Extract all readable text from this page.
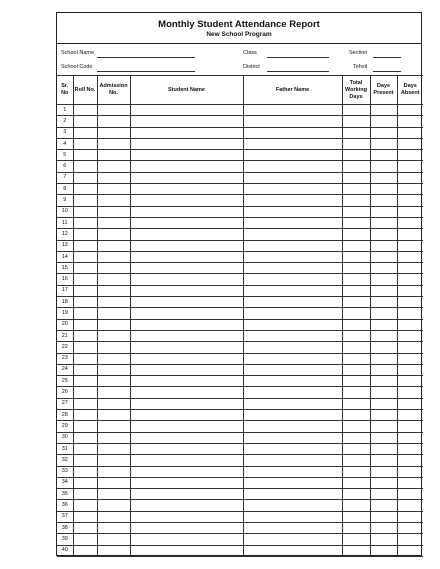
Monthly Student Attendance Report
New School Program
School Name	Class	Section
School Code	District	Tehsil
Sr. No	Roll No.	Admission No.	Student Name	Father Name	Total Working Days	Days Present	Days Absent
1							
2							
3							
4							
5							
6							
7							
8							
9							
10							
11							
12							
13							
14							
15							
16							
17							
18							
19							
20							
21							
22							
23							
24							
25							
26							
27							
28							
29							
30							
31							
32							
33							
34							
35							
36							
37							
38							
39							
40							
